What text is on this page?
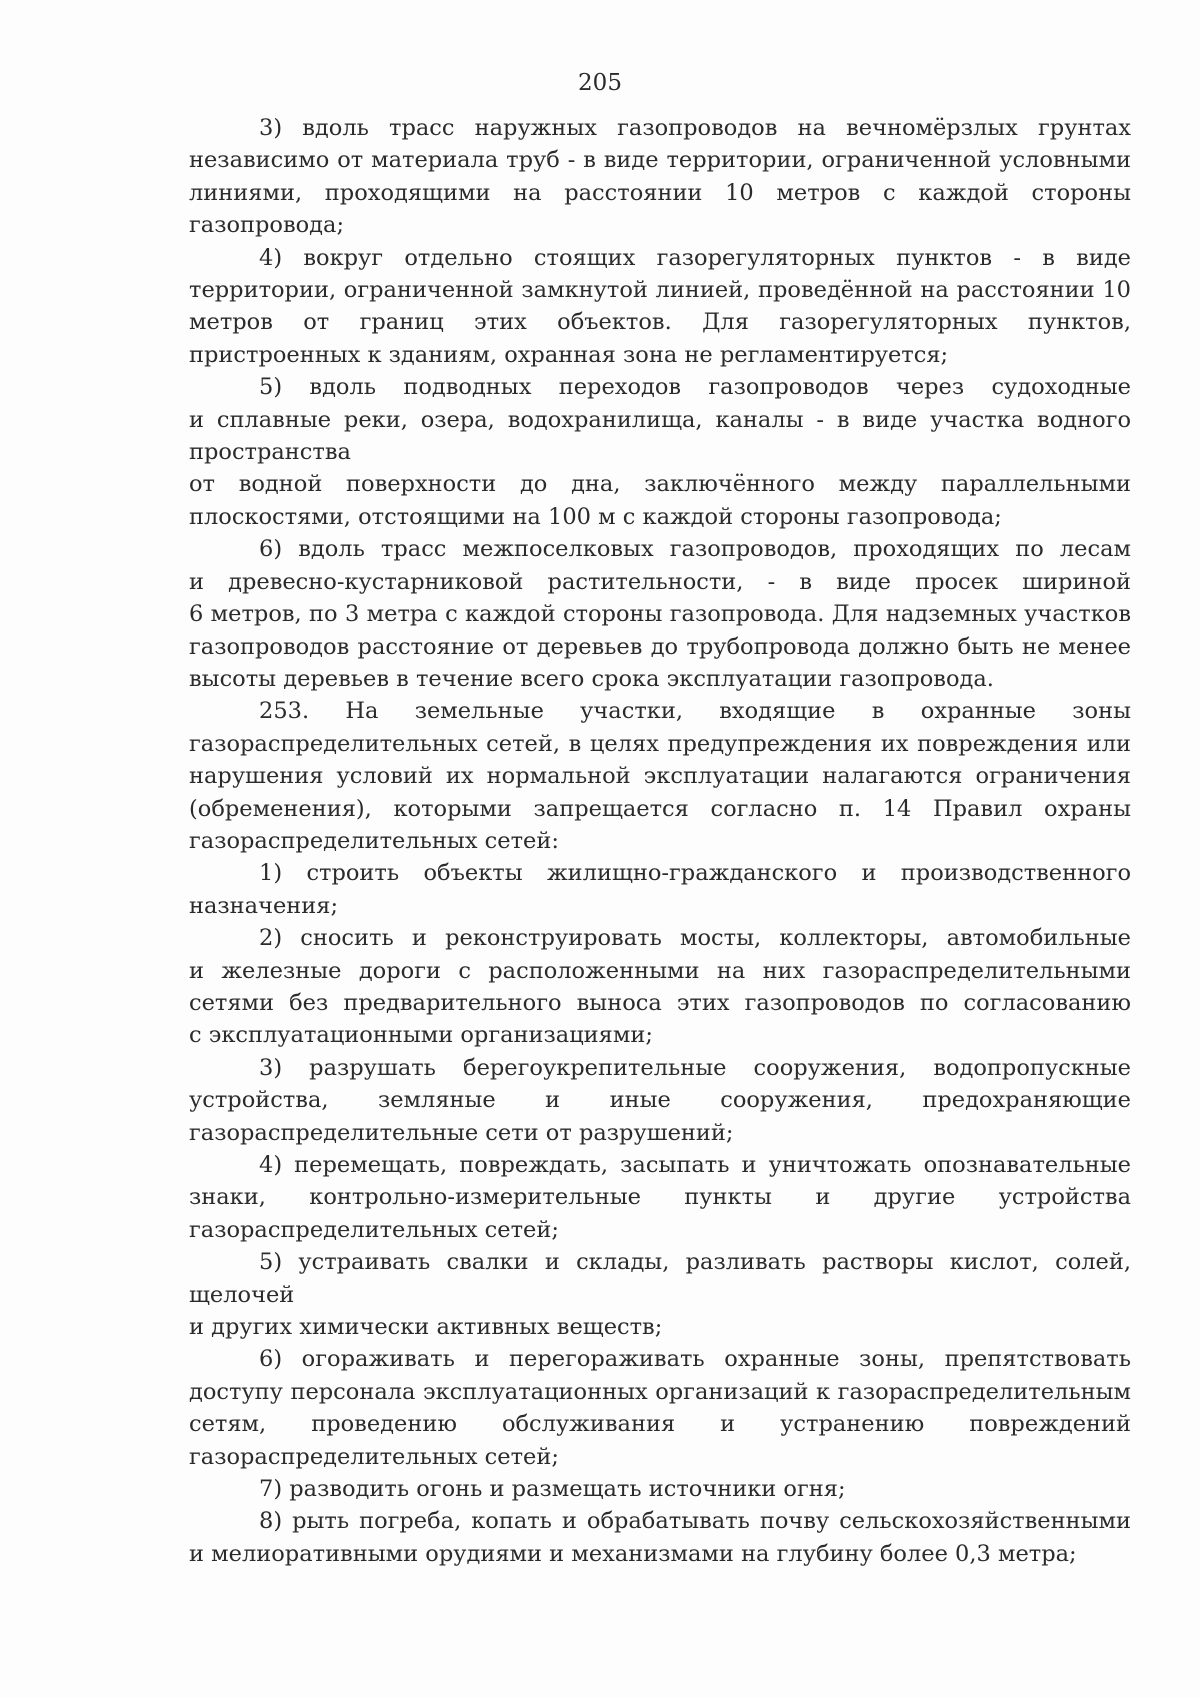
205
3) вдоль трасс наружных газопроводов на вечномёрзлых грунтах
независимо от материала труб - в виде территории, ограниченной условными
линиями, проходящими на расстоянии 10 метров с каждой стороны
газопровода;
4) вокруг отдельно стоящих газорегуляторных пунктов - в виде
территории, ограниченной замкнутой линией, проведённой на расстоянии 10
метров от границ этих объектов. Для газорегуляторных пунктов,
пристроенных к зданиям, охранная зона не регламентируется;
5) вдоль подводных переходов газопроводов через судоходные
и сплавные реки, озера, водохранилища, каналы - в виде участка водного
пространства
от водной поверхности до дна, заключённого между параллельными
плоскостями, отстоящими на 100 м с каждой стороны газопровода;
6) вдоль трасс межпоселковых газопроводов, проходящих по лесам
и древесно-кустарниковой растительности, - в виде просек шириной
6 метров, по 3 метра с каждой стороны газопровода. Для надземных участков
газопроводов расстояние от деревьев до трубопровода должно быть не менее
высоты деревьев в течение всего срока эксплуатации газопровода.
253. На земельные участки, входящие в охранные зоны
газораспределительных сетей, в целях предупреждения их повреждения или
нарушения условий их нормальной эксплуатации налагаются ограничения
(обременения), которыми запрещается согласно п. 14 Правил охраны
газораспределительных сетей:
1) строить объекты жилищно-гражданского и производственного
назначения;
2) сносить и реконструировать мосты, коллекторы, автомобильные
и железные дороги с расположенными на них газораспределительными
сетями без предварительного выноса этих газопроводов по согласованию
с эксплуатационными организациями;
3) разрушать берегоукрепительные сооружения, водопропускные
устройства, земляные и иные сооружения, предохраняющие
газораспределительные сети от разрушений;
4) перемещать, повреждать, засыпать и уничтожать опознавательные
знаки, контрольно-измерительные пункты и другие устройства
газораспределительных сетей;
5) устраивать свалки и склады, разливать растворы кислот, солей,
щелочей
и других химически активных веществ;
6) огораживать и перегораживать охранные зоны, препятствовать
доступу персонала эксплуатационных организаций к газораспределительным
сетям, проведению обслуживания и устранению повреждений
газораспределительных сетей;
7) разводить огонь и размещать источники огня;
8) рыть погреба, копать и обрабатывать почву сельскохозяйственными
и мелиоративными орудиями и механизмами на глубину более 0,3 метра;
